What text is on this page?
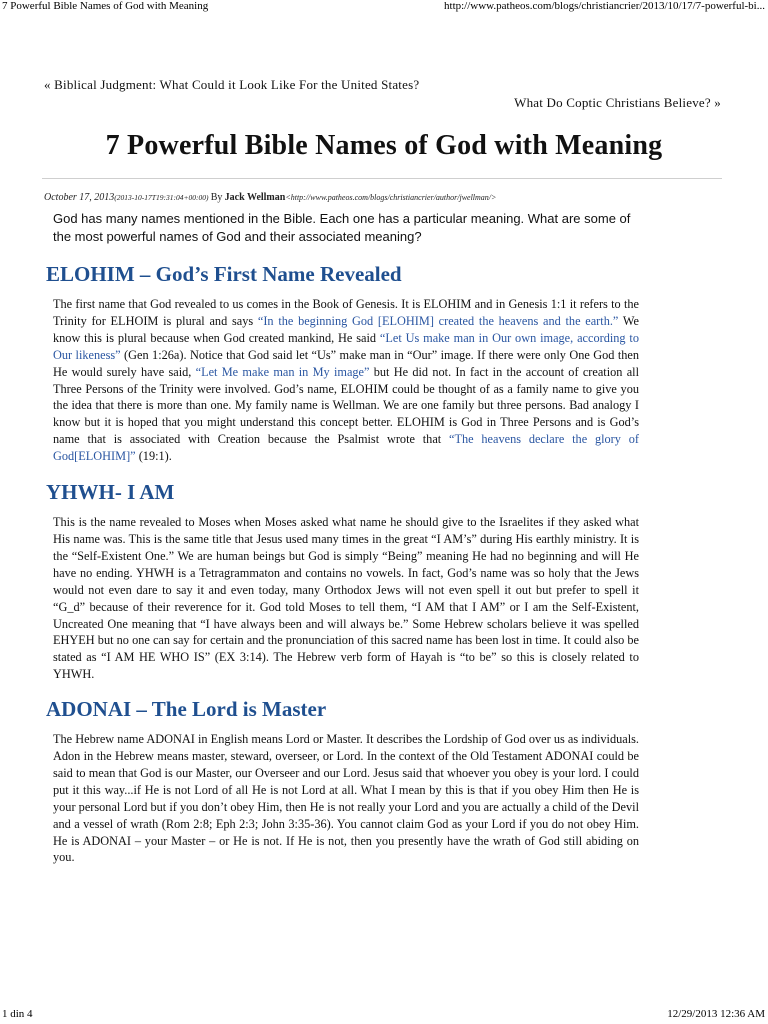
7 Powerful Bible Names of God with Meaning	http://www.patheos.com/blogs/christiancrier/2013/10/17/7-powerful-bi...
« Biblical Judgment: What Could it Look Like For the United States?
What Do Coptic Christians Believe? »
7 Powerful Bible Names of God with Meaning
October 17, 2013(2013-10-17T19:31:04+00:00) By Jack Wellman<http://www.patheos.com/blogs/christiancrier/author/jwellman/>

God has many names mentioned in the Bible. Each one has a particular meaning. What are some of the most powerful names of God and their associated meaning?

ELOHIM – God’s First Name Revealed

The first name that God revealed to us comes in the Book of Genesis. It is ELOHIM and in Genesis 1:1 it refers to the Trinity for ELHOIM is plural and says “In the beginning God [ELOHIM] created the heavens and the earth.” We know this is plural because when God created mankind, He said “Let Us make man in Our own image, according to Our likeness” (Gen 1:26a). Notice that God said let “Us” make man in “Our” image. If there were only One God then He would surely have said, “Let Me make man in My image” but He did not. In fact in the account of creation all Three Persons of the Trinity were involved. God’s name, ELOHIM could be thought of as a family name to give you the idea that there is more than one. My family name is Wellman. We are one family but three persons. Bad analogy I know but it is hoped that you might understand this concept better. ELOHIM is God in Three Persons and is God’s name that is associated with Creation because the Psalmist wrote that “The heavens declare the glory of God[ELOHIM]” (19:1).

YHWH- I AM

This is the name revealed to Moses when Moses asked what name he should give to the Israelites if they asked what His name was. This is the same title that Jesus used many times in the great “I AM’s” during His earthly ministry. It is the “Self-Existent One.” We are human beings but God is simply “Being” meaning He had no beginning and will He have no ending. YHWH is a Tetragrammaton and contains no vowels. In fact, God’s name was so holy that the Jews would not even dare to say it and even today, many Orthodox Jews will not even spell it out but prefer to spell it “G_d” because of their reverence for it. God told Moses to tell them, “I AM that I AM” or I am the Self-Existent, Uncreated One meaning that “I have always been and will always be.” Some Hebrew scholars believe it was spelled EHYEH but no one can say for certain and the pronunciation of this sacred name has been lost in time. It could also be stated as “I AM HE WHO IS” (EX 3:14). The Hebrew verb form of Hayah is “to be” so this is closely related to YHWH.

ADONAI – The Lord is Master

The Hebrew name ADONAI in English means Lord or Master. It describes the Lordship of God over us as individuals. Adon in the Hebrew means master, steward, overseer, or Lord. In the context of the Old Testament ADONAI could be said to mean that God is our Master, our Overseer and our Lord. Jesus said that whoever you obey is your lord. I could put it this way...if He is not Lord of all He is not Lord at all. What I mean by this is that if you obey Him then He is your personal Lord but if you don’t obey Him, then He is not really your Lord and you are actually a child of the Devil and a vessel of wrath (Rom 2:8; Eph 2:3; John 3:35-36). You cannot claim God as your Lord if you do not obey Him. He is ADONAI – your Master – or He is not. If He is not, then you presently have the wrath of God still abiding on you.

1 din 4	12/29/2013 12:36 AM
